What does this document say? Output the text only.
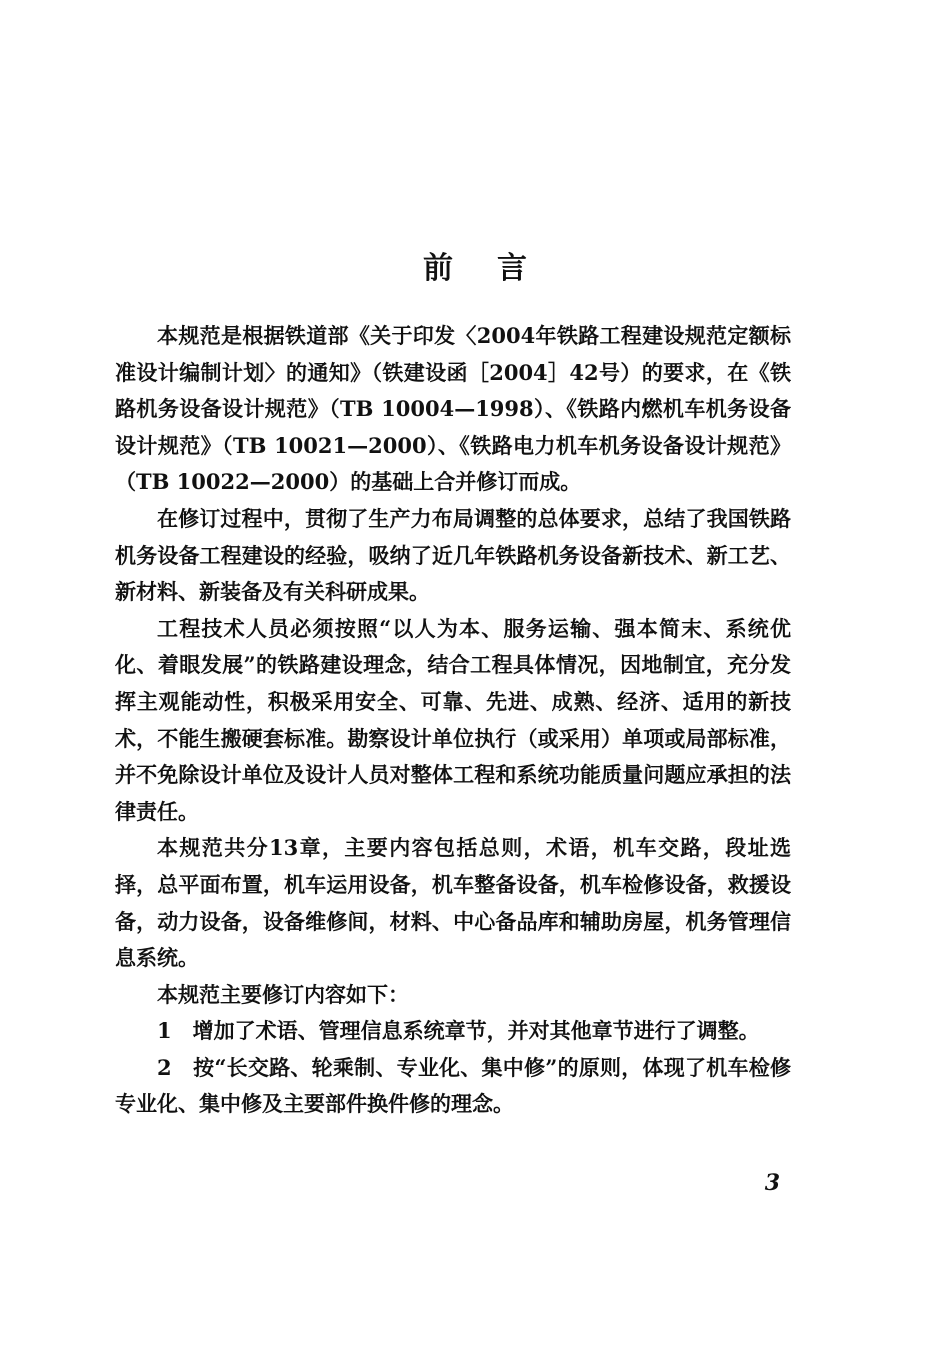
前言

本规范是根据铁道部《关于印发〈2004年铁路工程建设规范定额标准设计编制计划〉的通知》（铁建设函［2004］42号）的要求，在《铁路机务设备设计规范》（TB 10004—1998）、《铁路内燃机车机务设备设计规范》（TB 10021—2000）、《铁路电力机车机务设备设计规范》（TB 10022—2000）的基础上合并修订而成。

在修订过程中，贯彻了生产力布局调整的总体要求，总结了我国铁路机务设备工程建设的经验，吸纳了近几年铁路机务设备新技术、新工艺、新材料、新装备及有关科研成果。

工程技术人员必须按照“以人为本、服务运输、强本简末、系统优化、着眼发展”的铁路建设理念，结合工程具体情况，因地制宜，充分发挥主观能动性，积极采用安全、可靠、先进、成熟、经济、适用的新技术，不能生搬硬套标准。勘察设计单位执行（或采用）单项或局部标准，并不免除设计单位及设计人员对整体工程和系统功能质量问题应承担的法律责任。

本规范共分13章，主要内容包括总则，术语，机车交路，段址选择，总平面布置，机车运用设备，机车整备设备，机车检修设备，救援设备，动力设备，设备维修间，材料、中心备品库和辅助房屋，机务管理信息系统。

本规范主要修订内容如下：

1　增加了术语、管理信息系统章节，并对其他章节进行了调整。

2　按“长交路、轮乘制、专业化、集中修”的原则，体现了机车检修专业化、集中修及主要部件换件修的理念。

3
